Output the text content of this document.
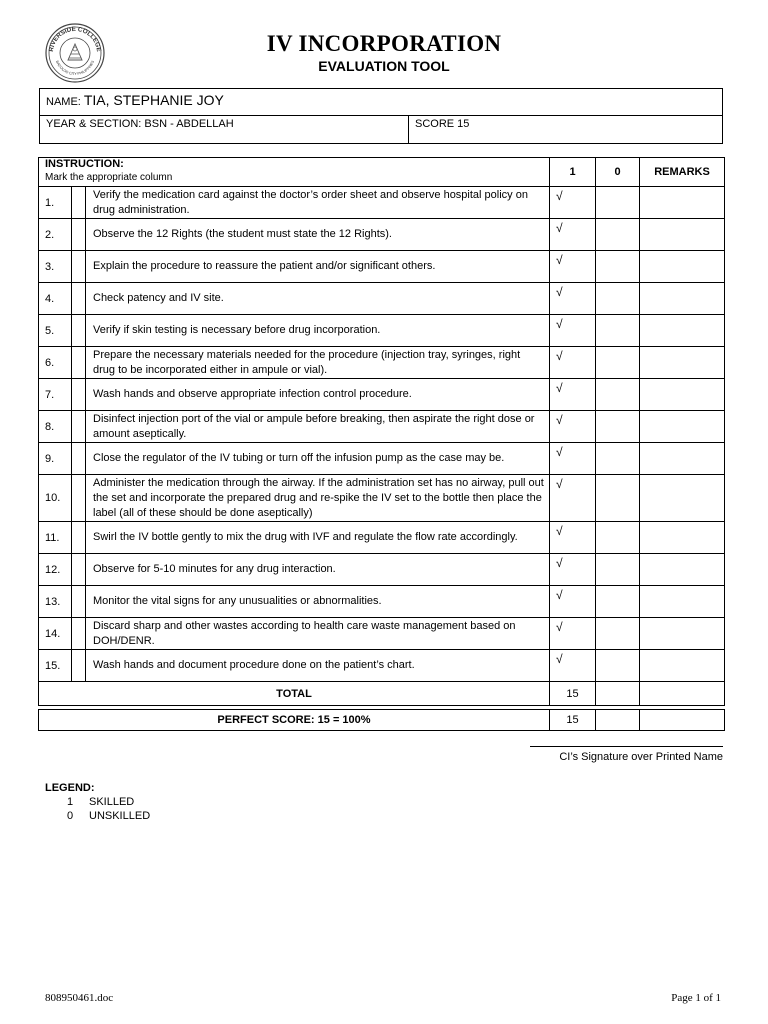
RIVERSIDE COLLEGE
BACOLOD CITY PHILIPPINES
IV INCORPORATION
EVALUATION TOOL
NAME: TIA, STEPHANIE JOY
YEAR & SECTION: BSN - ABDELLAH	SCORE 15
INSTRUCTION:
Mark the appropriate column			1	0	REMARKS
1.		Verify the medication card against the doctor’s order sheet and observe hospital policy on drug administration.	√		
2.		Observe the 12 Rights (the student must state the 12 Rights).	√		
3.		Explain the procedure to reassure the patient and/or significant others.	√		
4.		Check patency and IV site.	√		
5.		Verify if skin testing is necessary before drug incorporation.	√		
6.		Prepare the necessary materials needed for the procedure (injection tray, syringes, right drug to be incorporated either in ampule or vial).	√		
7.		Wash hands and observe appropriate infection control procedure.	√		
8.		Disinfect injection port of the vial or ampule before breaking, then aspirate the right dose or amount aseptically.	√		
9.		Close the regulator of the IV tubing or turn off the infusion pump as the case may be.	√		
10.		Administer the medication through the airway. If the administration set has no airway, pull out the set and incorporate the prepared drug and re-spike the IV set to the bottle then place the label (all of these should be done aseptically)	√		
11.		Swirl the IV bottle gently to mix the drug with IVF and regulate the flow rate accordingly.	√		
12.		Observe for 5-10 minutes for any drug interaction.	√		
13.		Monitor the vital signs for any unusualities or abnormalities.	√		
14.		Discard sharp and other wastes according to health care waste management based on DOH/DENR.	√		
15.		Wash hands and document procedure done on the patient’s chart.	√		
TOTAL			15		

PERFECT SCORE: 15 = 100%			15		
CI’s Signature over Printed Name
LEGEND:
1 SKILLED
0 UNSKILLED
808950461.doc	Page 1 of 1
